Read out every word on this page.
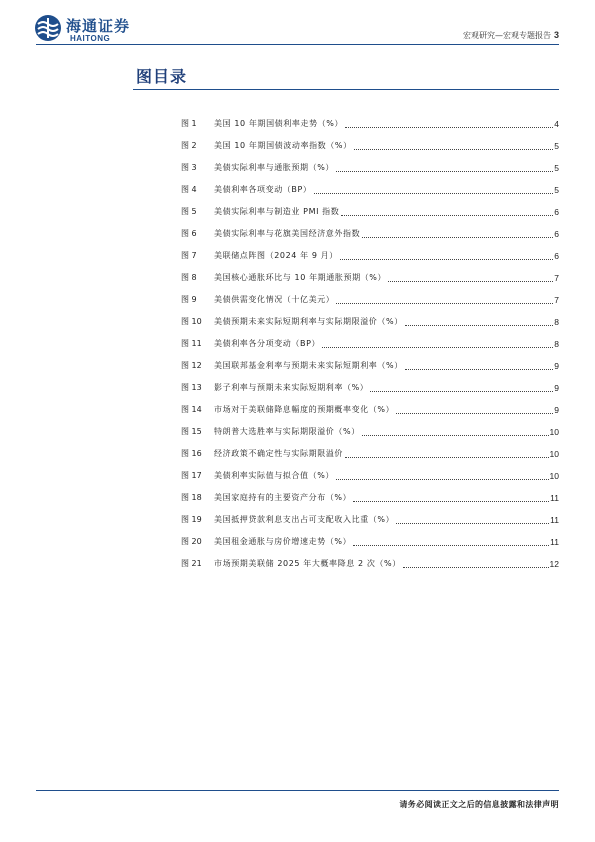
海通证券
HAITONG	宏观研究—宏观专题报告 3
图目录
图 1	美国 10 年期国债利率走势（%）	4
图 2	美国 10 年期国债波动率指数（%）	5
图 3	美债实际利率与通胀预期（%）	5
图 4	美债利率各项变动（BP）	5
图 5	美债实际利率与制造业 PMI 指数	6
图 6	美债实际利率与花旗美国经济意外指数	6
图 7	美联储点阵图（2024 年 9 月）	6
图 8	美国核心通胀环比与 10 年期通胀预期（%）	7
图 9	美债供需变化情况（十亿美元）	7
图 10	美债预期未来实际短期利率与实际期限溢价（%）	8
图 11	美债利率各分项变动（BP）	8
图 12	美国联邦基金利率与预期未来实际短期利率（%）	9
图 13	影子利率与预期未来实际短期利率（%）	9
图 14	市场对于美联储降息幅度的预期概率变化（%）	9
图 15	特朗普大选胜率与实际期限溢价（%）	10
图 16	经济政策不确定性与实际期限溢价	10
图 17	美债利率实际值与拟合值（%）	10
图 18	美国家庭持有的主要资产分布（%）	11
图 19	美国抵押贷款利息支出占可支配收入比重（%）	11
图 20	美国租金通胀与房价增速走势（%）	11
图 21	市场预期美联储 2025 年大概率降息 2 次（%）	12
请务必阅读正文之后的信息披露和法律声明
